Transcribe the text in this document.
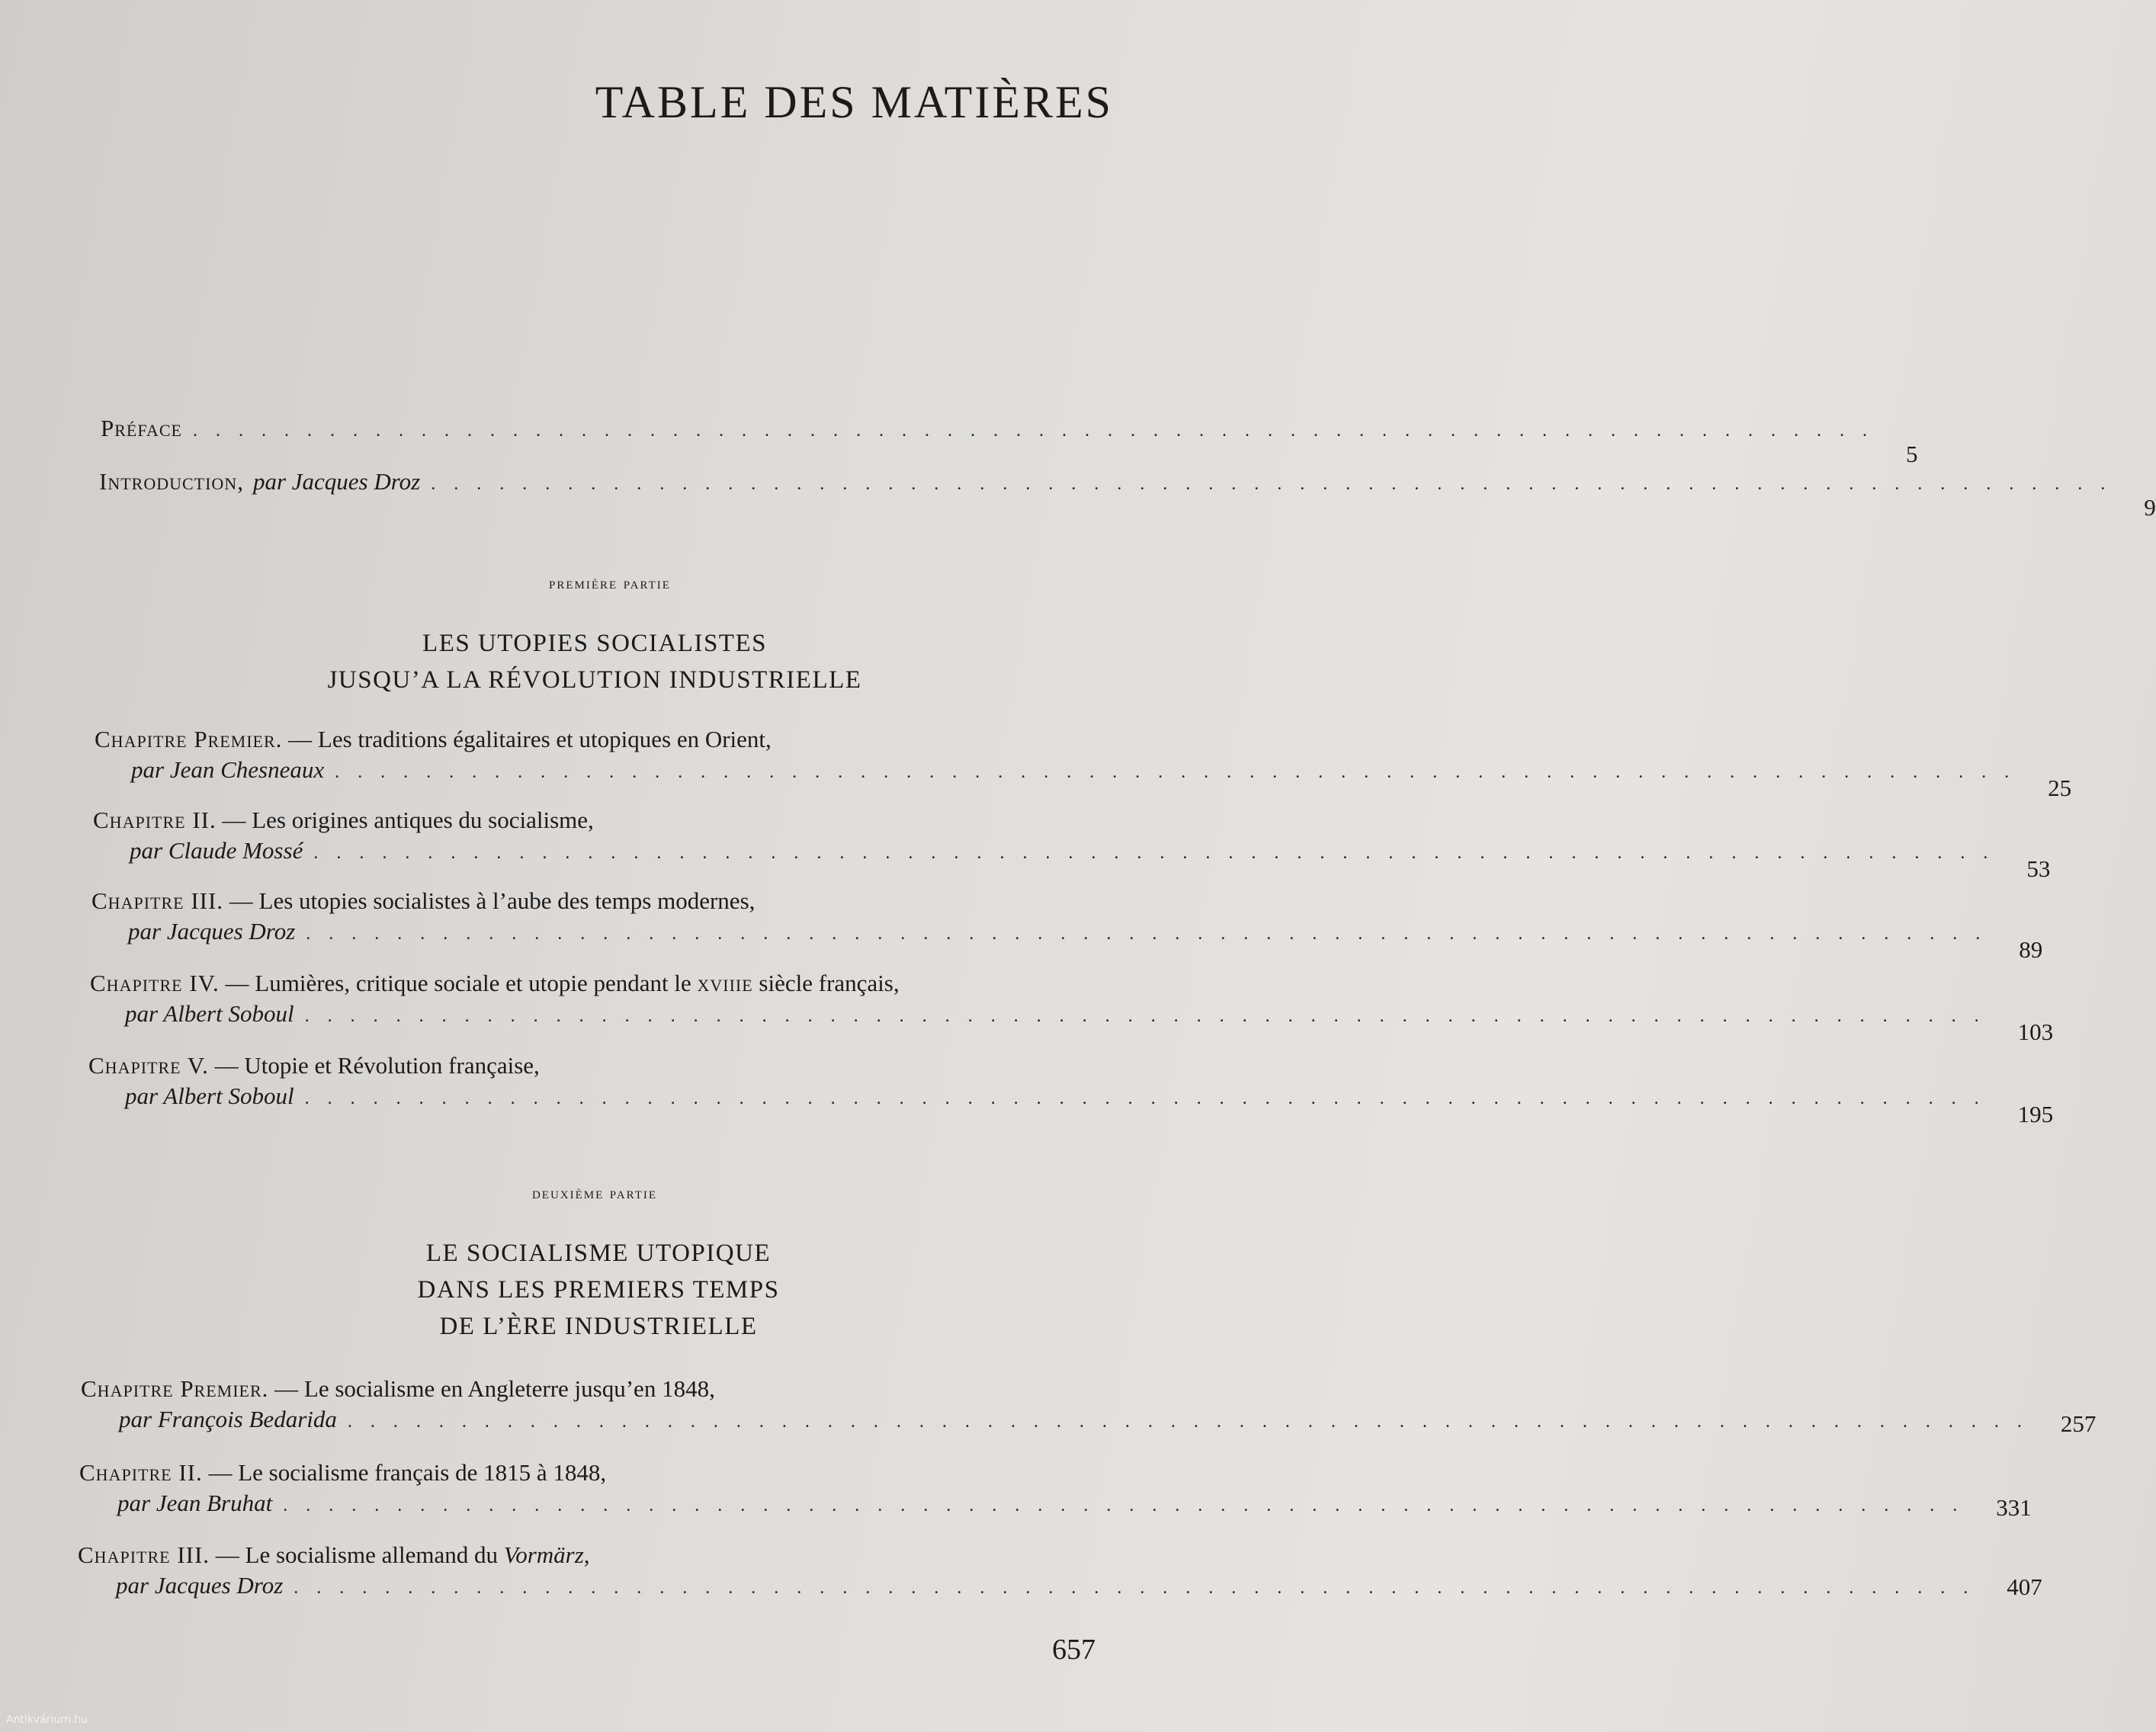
TABLE DES MATIÈRES
Préface . . . . . . . . . . . . . . . . . . . . . . . . . . . . . . . . . . . . . . . . . . . . . . . . . . . . . . . . . . . . . . . . . . . . . . . . . .
5
Introduction, par Jacques Droz . . . . . . . . . . . . . . . . . . . . . . . . . . . . . . . . . . . . . . . . . . . . . . . . . . . . . . . . . . . . . . . . . . . . . . . . . .
9
première partie
LES UTOPIES SOCIALISTES
JUSQU’A LA RÉVOLUTION INDUSTRIELLE
Chapitre Premier. — Les traditions égalitaires et utopiques en Orient,
par Jean Chesneaux . . . . . . . . . . . . . . . . . . . . . . . . . . . . . . . . . . . . . . . . . . . . . . . . . . . . . . . . . . . . . . . . . . . . . . . . . .
25
Chapitre II. — Les origines antiques du socialisme,
par Claude Mossé . . . . . . . . . . . . . . . . . . . . . . . . . . . . . . . . . . . . . . . . . . . . . . . . . . . . . . . . . . . . . . . . . . . . . . . . . .
53
Chapitre III. — Les utopies socialistes à l’aube des temps modernes,
par Jacques Droz . . . . . . . . . . . . . . . . . . . . . . . . . . . . . . . . . . . . . . . . . . . . . . . . . . . . . . . . . . . . . . . . . . . . . . . . . .
89
Chapitre IV. — Lumières, critique sociale et utopie pendant le xviiie siècle français,
par Albert Soboul . . . . . . . . . . . . . . . . . . . . . . . . . . . . . . . . . . . . . . . . . . . . . . . . . . . . . . . . . . . . . . . . . . . . . . . . . .
103
Chapitre V. — Utopie et Révolution française,
par Albert Soboul . . . . . . . . . . . . . . . . . . . . . . . . . . . . . . . . . . . . . . . . . . . . . . . . . . . . . . . . . . . . . . . . . . . . . . . . . .
195
deuxième partie
LE SOCIALISME UTOPIQUE
DANS LES PREMIERS TEMPS
DE L’ÈRE INDUSTRIELLE
Chapitre Premier. — Le socialisme en Angleterre jusqu’en 1848,
par François Bedarida . . . . . . . . . . . . . . . . . . . . . . . . . . . . . . . . . . . . . . . . . . . . . . . . . . . . . . . . . . . . . . . . . . . . . . . . . . 257
Chapitre II. — Le socialisme français de 1815 à 1848,
par Jean Bruhat . . . . . . . . . . . . . . . . . . . . . . . . . . . . . . . . . . . . . . . . . . . . . . . . . . . . . . . . . . . . . . . . . . . . . . . . . . 331
Chapitre III. — Le socialisme allemand du Vormärz,
par Jacques Droz . . . . . . . . . . . . . . . . . . . . . . . . . . . . . . . . . . . . . . . . . . . . . . . . . . . . . . . . . . . . . . . . . . . . . . . . . . 407
657
Antikvárium.hu
